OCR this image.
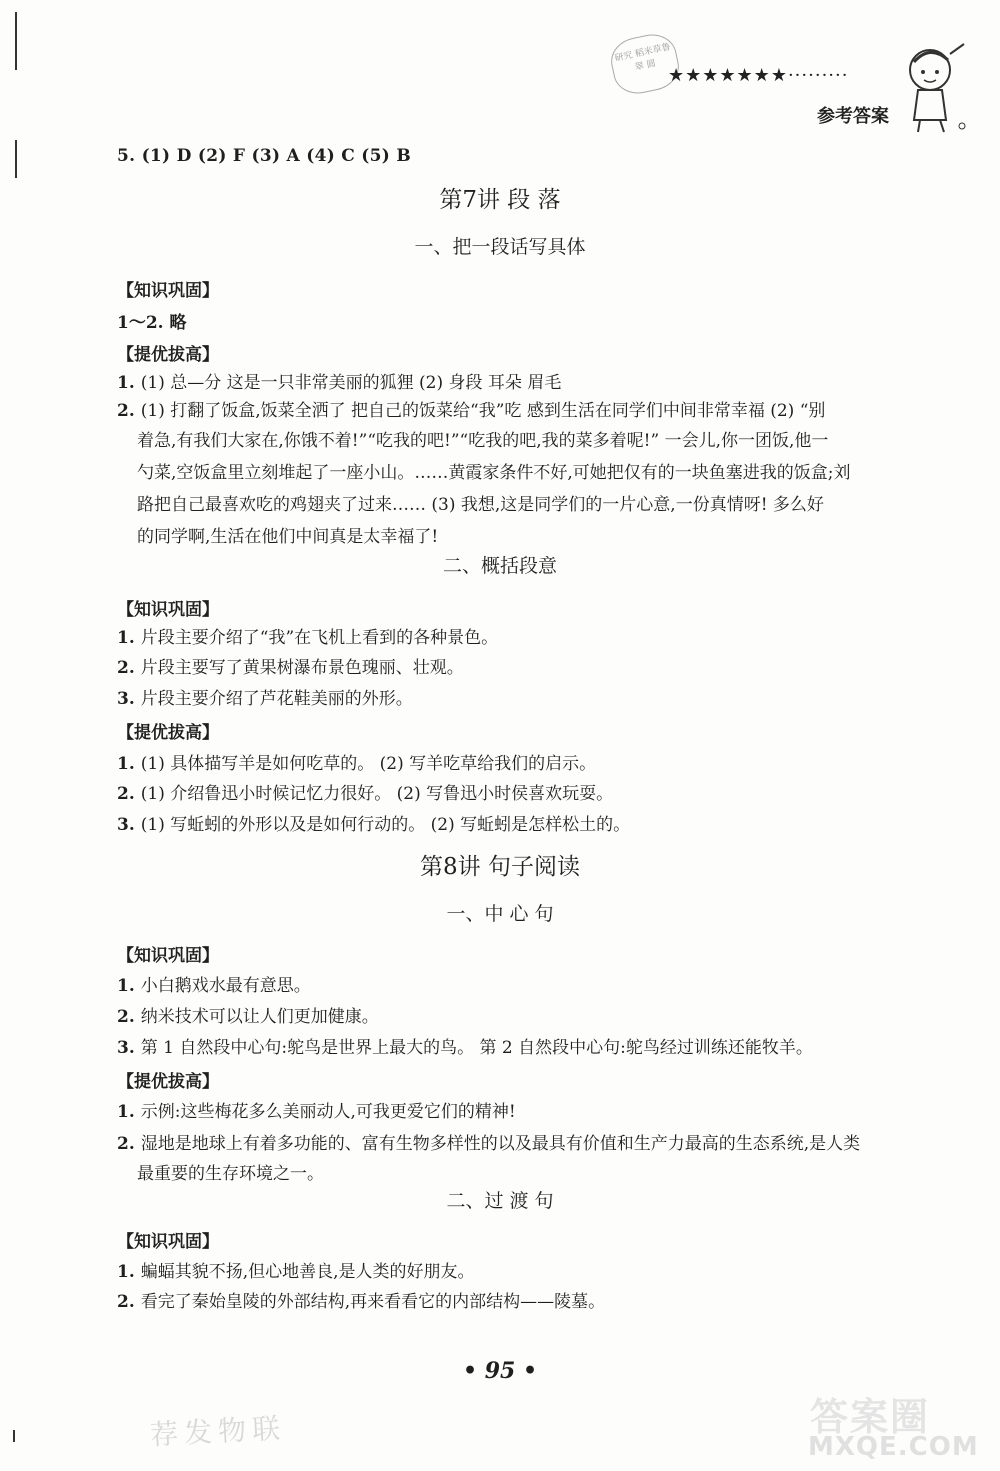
研究 稻米草鲁翠 圆 ★★★★★★★·········
参考答案
5. (1) D (2) F (3) A (4) C (5) B
第7讲 段 落
一、把一段话写具体
【知识巩固】
1～2. 略
【提优拔高】
1. (1) 总—分 这是一只非常美丽的狐狸 (2) 身段 耳朵 眉毛
2. (1) 打翻了饭盒,饭菜全洒了 把自己的饭菜给“我”吃 感到生活在同学们中间非常幸福 (2) “别
着急,有我们大家在,你饿不着!”“吃我的吧!”“吃我的吧,我的菜多着呢!” 一会儿,你一团饭,他一
勺菜,空饭盒里立刻堆起了一座小山。……黄霞家条件不好,可她把仅有的一块鱼塞进我的饭盒;刘
路把自己最喜欢吃的鸡翅夹了过来…… (3) 我想,这是同学们的一片心意,一份真情呀! 多么好
的同学啊,生活在他们中间真是太幸福了!
二、概括段意
【知识巩固】
1. 片段主要介绍了“我”在飞机上看到的各种景色。
2. 片段主要写了黄果树瀑布景色瑰丽、壮观。
3. 片段主要介绍了芦花鞋美丽的外形。
【提优拔高】
1. (1) 具体描写羊是如何吃草的。 (2) 写羊吃草给我们的启示。
2. (1) 介绍鲁迅小时候记忆力很好。 (2) 写鲁迅小时侯喜欢玩耍。
3. (1) 写蚯蚓的外形以及是如何行动的。 (2) 写蚯蚓是怎样松土的。
第8讲 句子阅读
一、中 心 句
【知识巩固】
1. 小白鹅戏水最有意思。
2. 纳米技术可以让人们更加健康。
3. 第 1 自然段中心句:鸵鸟是世界上最大的鸟。 第 2 自然段中心句:鸵鸟经过训练还能牧羊。
【提优拔高】
1. 示例:这些梅花多么美丽动人,可我更爱它们的精神!
2. 湿地是地球上有着多功能的、富有生物多样性的以及最具有价值和生产力最高的生态系统,是人类
最重要的生存环境之一。
二、过 渡 句
【知识巩固】
1. 蝙蝠其貌不扬,但心地善良,是人类的好朋友。
2. 看完了秦始皇陵的外部结构,再来看看它的内部结构——陵墓。
• 95 •
荐发物联	答案圈
MXQE.COM
